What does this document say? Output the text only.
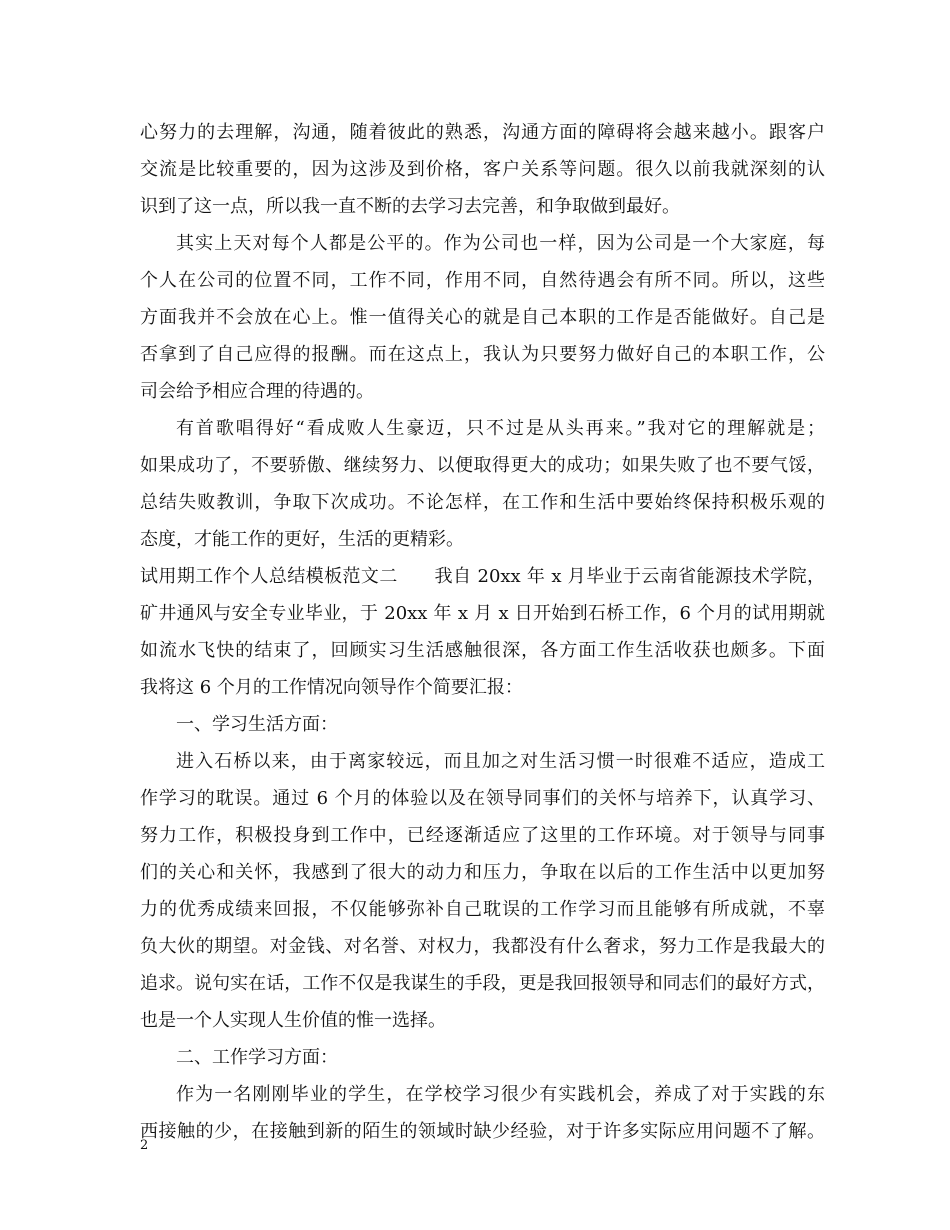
心努力的去理解，沟通，随着彼此的熟悉，沟通方面的障碍将会越来越小。跟客户
交流是比较重要的，因为这涉及到价格，客户关系等问题。很久以前我就深刻的认
识到了这一点，所以我一直不断的去学习去完善，和争取做到最好。
其实上天对每个人都是公平的。作为公司也一样，因为公司是一个大家庭，每
个人在公司的位置不同，工作不同，作用不同，自然待遇会有所不同。所以，这些
方面我并不会放在心上。惟一值得关心的就是自己本职的工作是否能做好。自己是
否拿到了自己应得的报酬。而在这点上，我认为只要努力做好自己的本职工作，公
司会给予相应合理的待遇的。
有首歌唱得好“看成败人生豪迈，只不过是从头再来。”我对它的理解就是；
如果成功了，不要骄傲、继续努力、以便取得更大的成功；如果失败了也不要气馁，
总结失败教训，争取下次成功。不论怎样，在工作和生活中要始终保持积极乐观的
态度，才能工作的更好，生活的更精彩。
试用期工作个人总结模板范文二　　我自 20xx 年 x 月毕业于云南省能源技术学院，
矿井通风与安全专业毕业，于 20xx 年 x 月 x 日开始到石桥工作，6 个月的试用期就
如流水飞快的结束了，回顾实习生活感触很深，各方面工作生活收获也颇多。下面
我将这 6 个月的工作情况向领导作个简要汇报：
一、学习生活方面：
进入石桥以来，由于离家较远，而且加之对生活习惯一时很难不适应，造成工
作学习的耽误。通过 6 个月的体验以及在领导同事们的关怀与培养下，认真学习、
努力工作，积极投身到工作中，已经逐渐适应了这里的工作环境。对于领导与同事
们的关心和关怀，我感到了很大的动力和压力，争取在以后的工作生活中以更加努
力的优秀成绩来回报，不仅能够弥补自己耽误的工作学习而且能够有所成就，不辜
负大伙的期望。对金钱、对名誉、对权力，我都没有什么奢求，努力工作是我最大的
追求。说句实在话，工作不仅是我谋生的手段，更是我回报领导和同志们的最好方式，
也是一个人实现人生价值的惟一选择。
二、工作学习方面：
作为一名刚刚毕业的学生，在学校学习很少有实践机会，养成了对于实践的东
西接触的少，在接触到新的陌生的领域时缺少经验，对于许多实际应用问题不了解。
2
